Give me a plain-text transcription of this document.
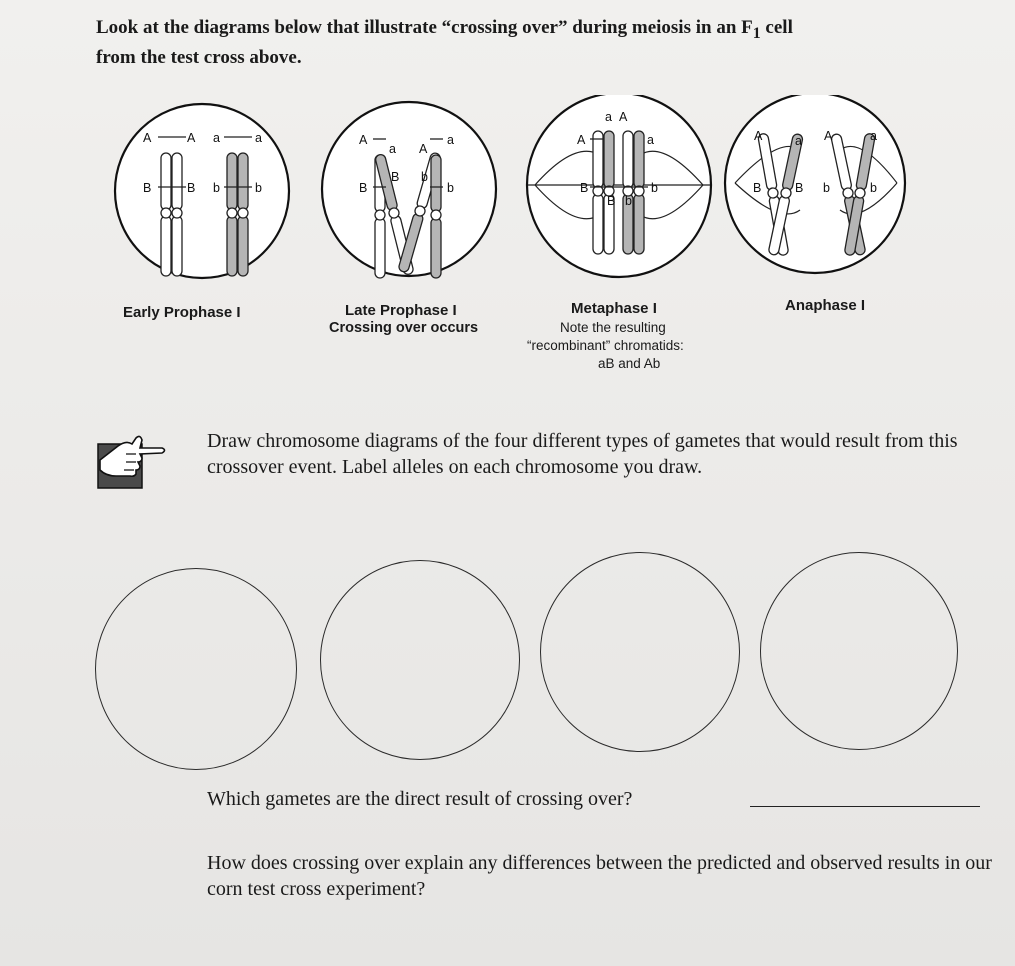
Look at the diagrams below that illustrate “crossing over” during meiosis in an $F_1$ cell
from the test cross above.

A	A a	a
B	B b	b
A
a A
a
B
B b
b
a A
A	a
B
B b
b
A	a A	a
B	B b	b
Early Prophase I	Late Prophase I
Crossing over occurs
Metaphase I
Note the resulting
“recombinant” chromatids:
aB and Ab
Anaphase I

Draw chromosome diagrams of the four different types of gametes that would result from this crossover event. Label alleles on each chromosome you draw.

Which gametes are the direct result of crossing over?

How does crossing over explain any differences between the predicted and observed results in our corn test cross experiment?
